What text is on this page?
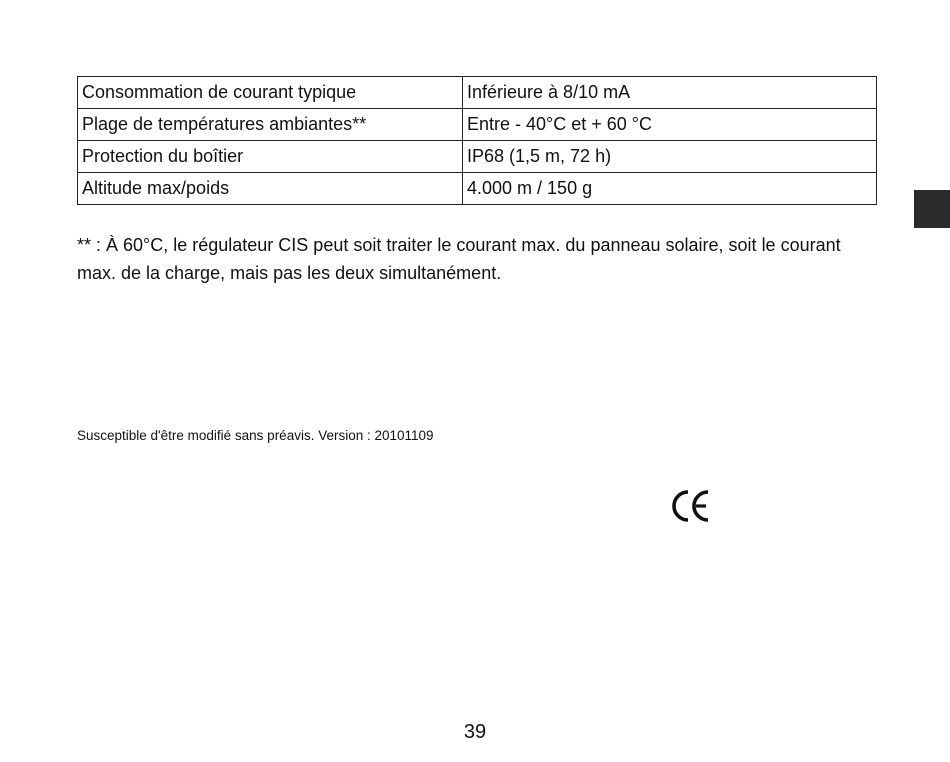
Consommation de courant typique	Inférieure à 8/10 mA
Plage de températures ambiantes**	Entre - 40°C et + 60 °C
Protection du boîtier	IP68 (1,5 m, 72 h)
Altitude max/poids	4.000 m / 150 g

** : À 60°C, le régulateur CIS peut soit traiter le courant max. du panneau solaire, soit le courant max. de la charge, mais pas les deux simultanément.

Susceptible d'être modifié sans préavis. Version : 20101109

39
